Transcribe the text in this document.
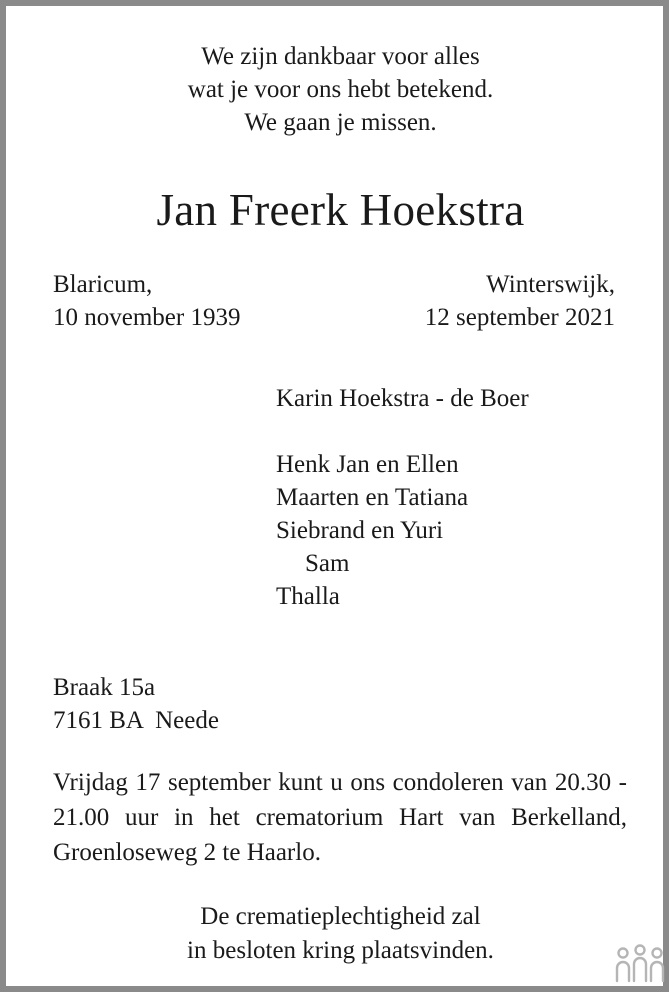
We zijn dankbaar voor alles
wat je voor ons hebt betekend.
We gaan je missen.
Jan Freerk Hoekstra
Blaricum,
10 november 1939
Winterswijk,
12 september 2021
Karin Hoekstra - de Boer
Henk Jan en Ellen
Maarten en Tatiana
Siebrand en Yuri
Sam
Thalla
Braak 15a
7161 BA  Neede
Vrijdag 17 september kunt u ons condoleren van 20.30 - 21.00 uur in het crematorium Hart van Berkelland, Groenloseweg 2 te Haarlo.
De crematieplechtigheid zal
in besloten kring plaatsvinden.
